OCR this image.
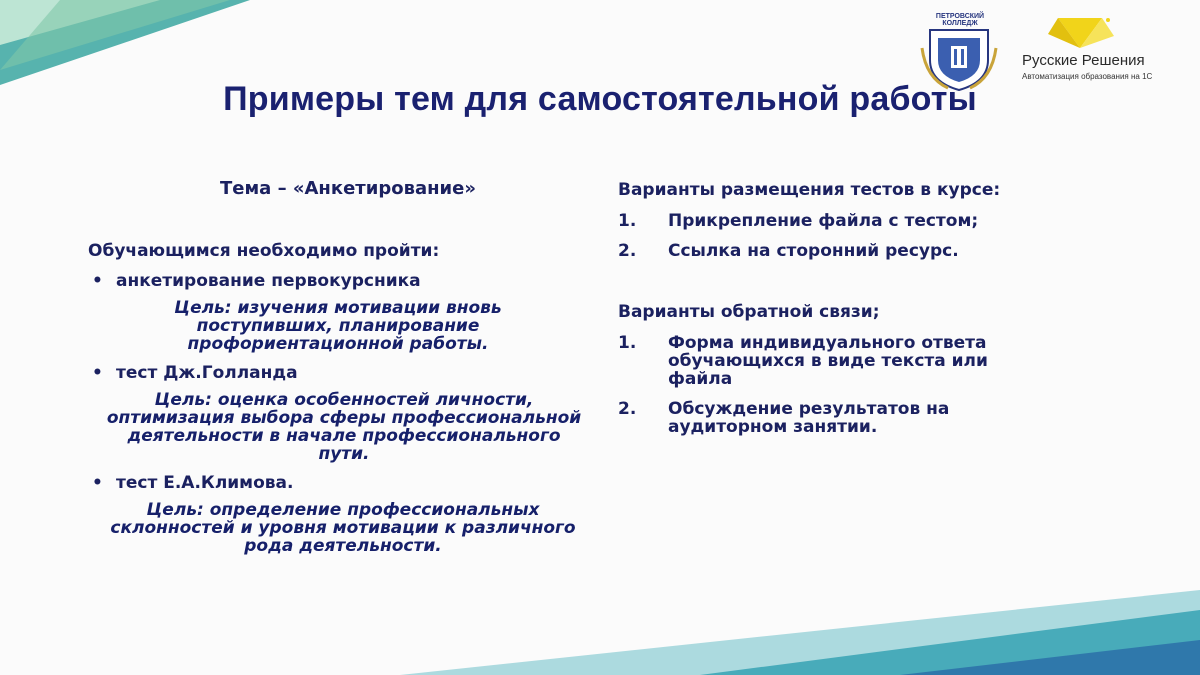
ПЕТРОВСКИЙ
КОЛЛЕДЖ
Русские Решения
Автоматизация образования на 1С
Примеры тем для самостоятельной работы
Тема – «Анкетирование»
Обучающимся необходимо пройти:
• анкетирование первокурсника
Цель: изучения мотивации вновь поступивших, планирование профориентационной работы.
• тест Дж.Голланда
Цель: оценка особенностей личности, оптимизация выбора сферы профессиональной деятельности в начале профессионального пути.
• тест Е.А.Климова.
Цель: определение профессиональных склонностей и уровня мотивации к различного рода деятельности.
Варианты размещения тестов в курсе:
1.	Прикрепление файла с тестом;
2.	Ссылка на сторонний ресурс.
Варианты обратной связи;
1.	Форма индивидуального ответа обучающихся в виде текста или файла
2.	Обсуждение результатов на аудиторном занятии.
